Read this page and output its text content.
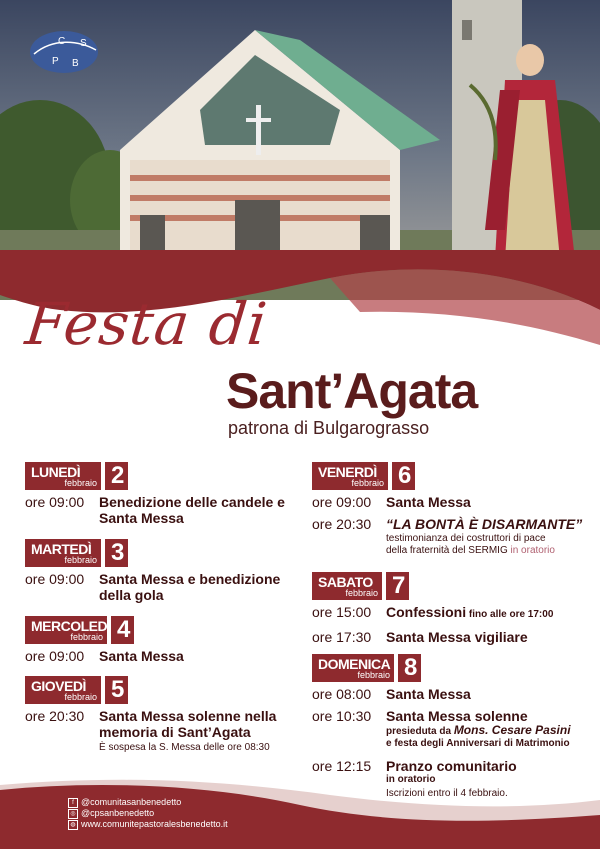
C S
P B
Festa di
Sant’Agata
patrona di Bulgarograsso
LUNEDÌ
febbraio 2
ore 09:00	Benedizione delle candele e Santa Messa
MARTEDÌ
febbraio 3
ore 09:00	Santa Messa e benedizione della gola
MERCOLEDÌ
febbraio 4
ore 09:00	Santa Messa
GIOVEDÌ
febbraio 5
ore 20:30	Santa Messa solenne nella memoria di Sant’Agata
È sospesa la S. Messa delle ore 08:30
VENERDÌ
febbraio 6
ore 09:00	Santa Messa
ore 20:30	“LA BONTÀ È DISARMANTE”
testimonianza dei costruttori di pace
della fraternità del SERMIG in oratorio
SABATO
febbraio 7
ore 15:00	Confessioni fino alle ore 17:00
ore 17:30	Santa Messa vigiliare
DOMENICA
febbraio 8
ore 08:00	Santa Messa
ore 10:30	Santa Messa solenne
presieduta da Mons. Cesare Pasini
e festa degli Anniversari di Matrimonio
ore 12:15	Pranzo comunitario
in oratorio
Iscrizioni entro il 4 febbraio.
f @comunitasanbenedetto
◎ @cpsanbenedetto
◍ www.comunitepastoralesbenedetto.it
